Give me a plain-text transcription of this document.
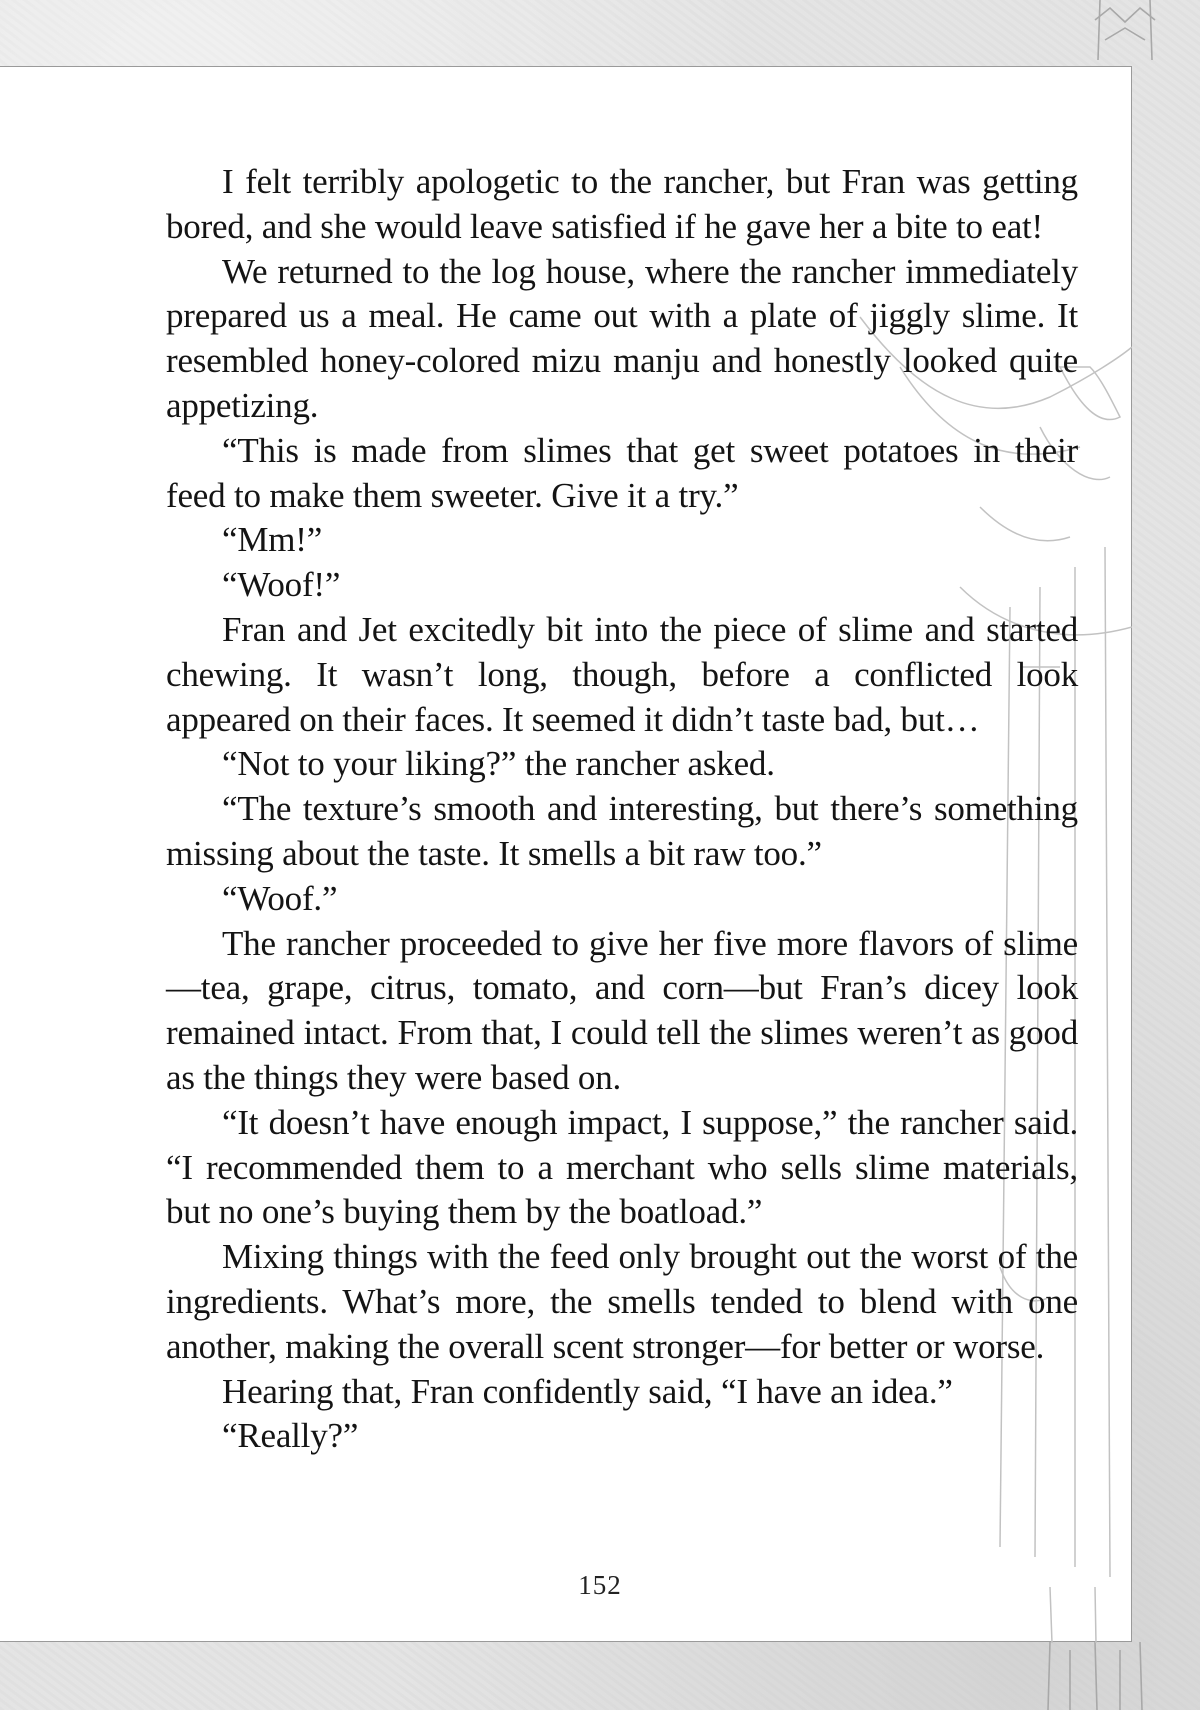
I felt terribly apologetic to the rancher, but Fran was getting bored, and she would leave satisfied if he gave her a bite to eat!

We returned to the log house, where the rancher immediately prepared us a meal. He came out with a plate of jiggly slime. It resembled honey-colored mizu manju and honestly looked quite appetizing.

“This is made from slimes that get sweet potatoes in their feed to make them sweeter. Give it a try.”

“Mm!”

“Woof!”

Fran and Jet excitedly bit into the piece of slime and started chewing. It wasn’t long, though, before a conflicted look appeared on their faces. It seemed it didn’t taste bad, but…

“Not to your liking?” the rancher asked.

“The texture’s smooth and interesting, but there’s something missing about the taste. It smells a bit raw too.”

“Woof.”

The rancher proceeded to give her five more flavors of slime—tea, grape, citrus, tomato, and corn—but Fran’s dicey look remained intact. From that, I could tell the slimes weren’t as good as the things they were based on.

“It doesn’t have enough impact, I suppose,” the rancher said. “I recommended them to a merchant who sells slime materials, but no one’s buying them by the boatload.”

Mixing things with the feed only brought out the worst of the ingredients. What’s more, the smells tended to blend with one another, making the overall scent stronger—for better or worse.

Hearing that, Fran confidently said, “I have an idea.”

“Really?”

152
